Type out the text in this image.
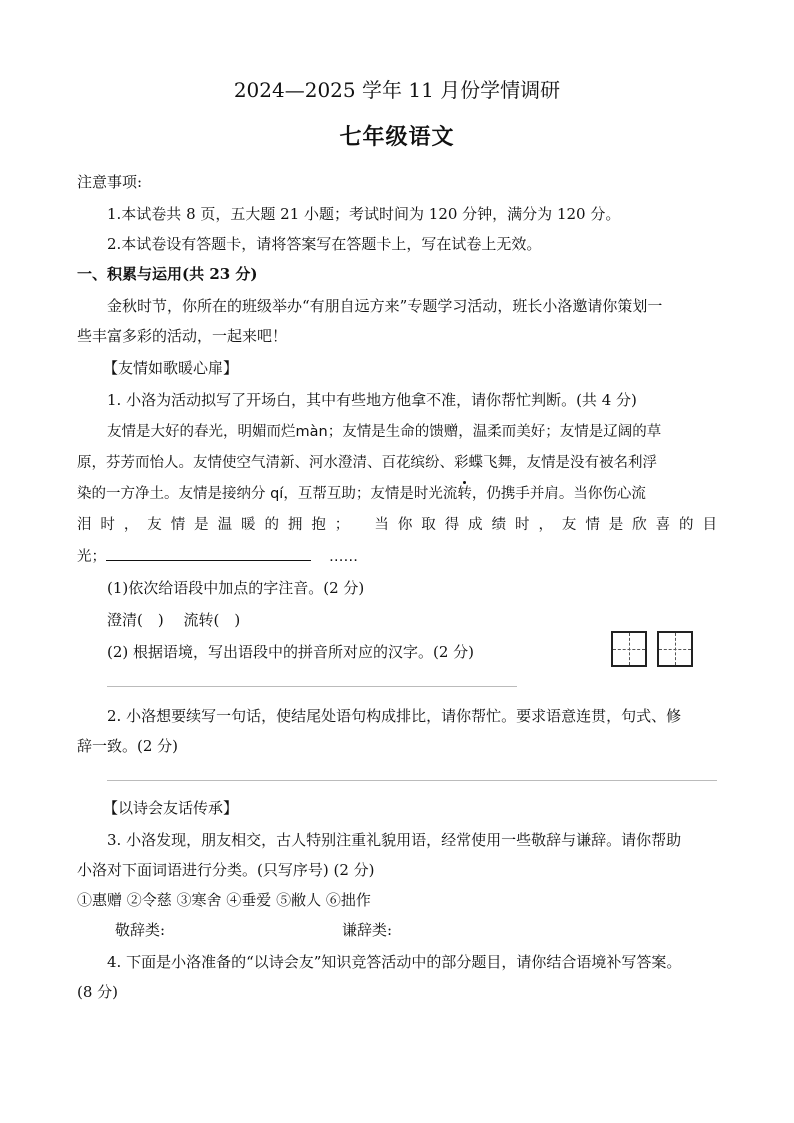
2024—2025 学年 11 月份学情调研
七年级语文
注意事项:
1.本试卷共 8 页，五大题 21 小题；考试时间为 120 分钟，满分为 120 分。
2.本试卷设有答题卡，请将答案写在答题卡上，写在试卷上无效。
一、积累与运用(共 23 分)
金秋时节，你所在的班级举办“有朋自远方来”专题学习活动，班长小洛邀请你策划一
些丰富多彩的活动，一起来吧！
【友情如歌暖心扉】
1. 小洛为活动拟写了开场白，其中有些地方他拿不准，请你帮忙判断。(共 4 分)
友情是大好的春光，明媚而烂màn；友情是生命的馈赠，温柔而美好；友情是辽阔的草
原，芬芳而怡人。友情使空气清新、河水澄清、百花缤纷、彩蝶飞舞，友情是没有被名利浮
染的一方净土。友情是接纳分 qí，互帮互助；友情是时光流转，仍携手并肩。当你伤心流
泪时，友情是温暖的拥抱；　当你取得成绩时，友情是欣喜的目
光；	……
(1)依次给语段中加点的字注音。(2 分)
澄清(　)　 流转(　)
(2) 根据语境，写出语段中的拼音所对应的汉字。(2 分)
2. 小洛想要续写一句话，使结尾处语句构成排比，请你帮忙。要求语意连贯，句式、修
辞一致。(2 分)
【以诗会友话传承】
3. 小洛发现，朋友相交，古人特别注重礼貌用语，经常使用一些敬辞与谦辞。请你帮助
小洛对下面词语进行分类。(只写序号) (2 分)
①惠赠 ②令慈 ③寒舍 ④垂爱 ⑤敝人 ⑥拙作
敬辞类:	谦辞类:
4. 下面是小洛准备的“以诗会友”知识竞答活动中的部分题目，请你结合语境补写答案。
(8 分)
